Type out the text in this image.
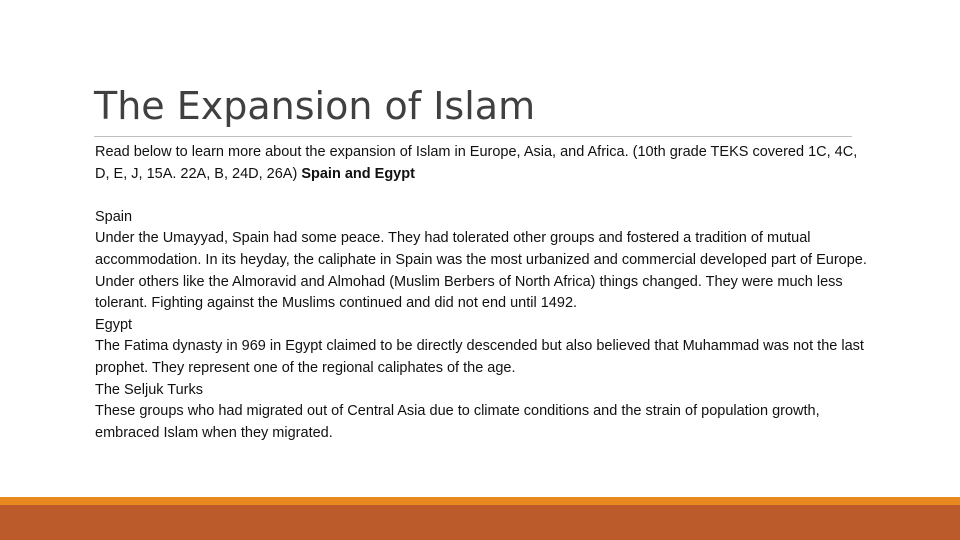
The Expansion of Islam

Read below to learn more about the expansion of Islam in Europe, Asia, and Africa. (10th grade TEKS covered 1C, 4C, D, E, J, 15A. 22A, B, 24D, 26A) Spain and Egypt

Spain

Under the Umayyad, Spain had some peace. They had tolerated other groups and fostered a tradition of mutual accommodation. In its heyday, the caliphate in Spain was the most urbanized and commercial developed part of Europe. Under others like the Almoravid and Almohad (Muslim Berbers of North Africa) things changed. They were much less tolerant. Fighting against the Muslims continued and did not end until 1492.

Egypt

The Fatima dynasty in 969 in Egypt claimed to be directly descended but also believed that Muhammad was not the last prophet. They represent one of the regional caliphates of the age.

The Seljuk Turks

These groups who had migrated out of Central Asia due to climate conditions and the strain of population growth, embraced Islam when they migrated.
